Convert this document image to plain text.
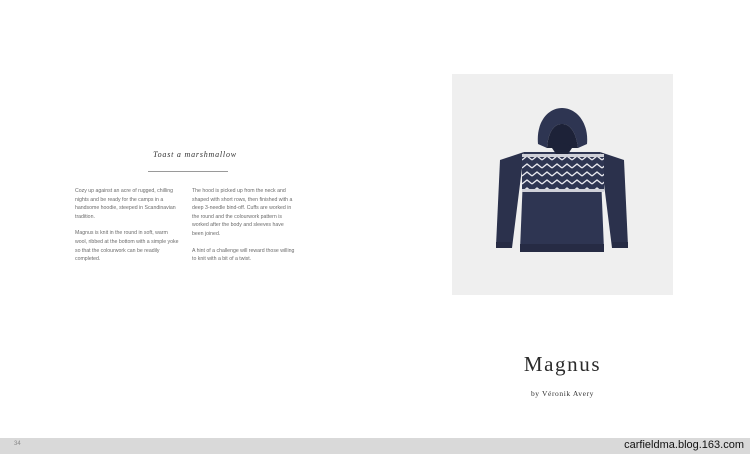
Toast a marshmallow

Cozy up against an acre of rugged, chilling nights and be ready for the camps in a handsome hoodie, steeped in Scandinavian tradition.

Magnus is knit in the round in soft, warm wool, ribbed at the bottom with a simple yoke so that the colourwork can be readily completed.

The hood is picked up from the neck and shaped with short rows, then finished with a deep 3-needle bind-off. Cuffs are worked in the round and the colourwork pattern is worked after the body and sleeves have been joined.

A hint of a challenge will reward those willing to knit with a bit of a twist.

Magnus
by Véronik Avery
34	carfieldma.blog.163.com
